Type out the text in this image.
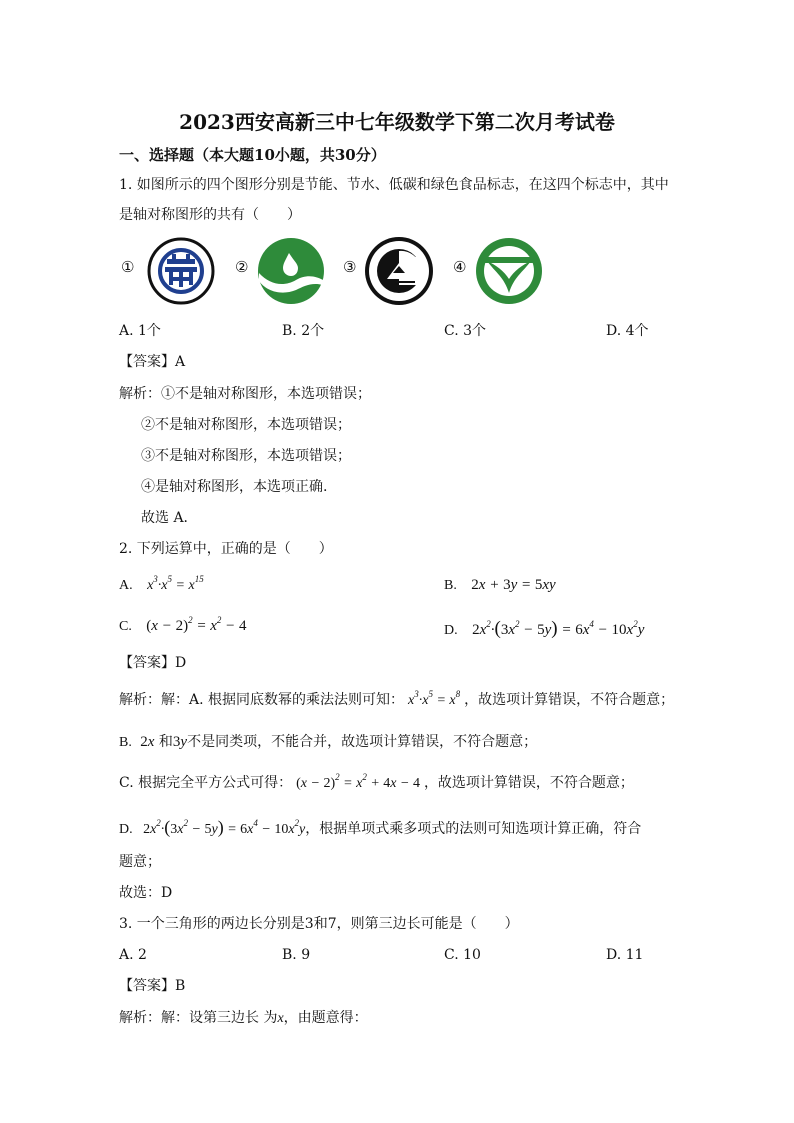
2023西安高新三中七年级数学下第二次月考试卷
一、选择题（本大题10小题，共30分）
1. 如图所示的四个图形分别是节能、节水、低碳和绿色食品标志，在这四个标志中，其中
是轴对称图形的共有（　　）
①	②	③	④
A. 1个	B. 2个	C. 3个	D. 4个
【答案】A
解析：①不是轴对称图形，本选项错误；
②不是轴对称图形，本选项错误；
③不是轴对称图形，本选项错误；
④是轴对称图形，本选项正确.
故选 A．
2. 下列运算中，正确的是（　　）
A. $x^3\cdot x^5 = x^{15}$	B. 2x + 3y = 5xy
C. $(x - 2)^2 = x^2 - 4$	D. $2x^2\cdot(3x^2 - 5y) = 6x^4 - 10x^2y$
【答案】D
解析：解：A. 根据同底数幂的乘法法则可知： $x^3\cdot x^5 = x^8$ ，故选项计算错误，不符合题意；
B. 2x 和3y不是同类项，不能合并，故选项计算错误，不符合题意；
C. 根据完全平方公式可得： $(x - 2)^2 = x^2 + 4x - 4$ ，故选项计算错误，不符合题意；
D. $2x^2\cdot(3x^2 - 5y) = 6x^4 - 10x^2y$，根据单项式乘多项式的法则可知选项计算正确，符合
题意；
故选：D
3. 一个三角形的两边长分别是3和7，则第三边长可能是（　　）
A. 2	B. 9	C. 10	D. 11
【答案】B
解析：解：设第三边长 为x，由题意得：
